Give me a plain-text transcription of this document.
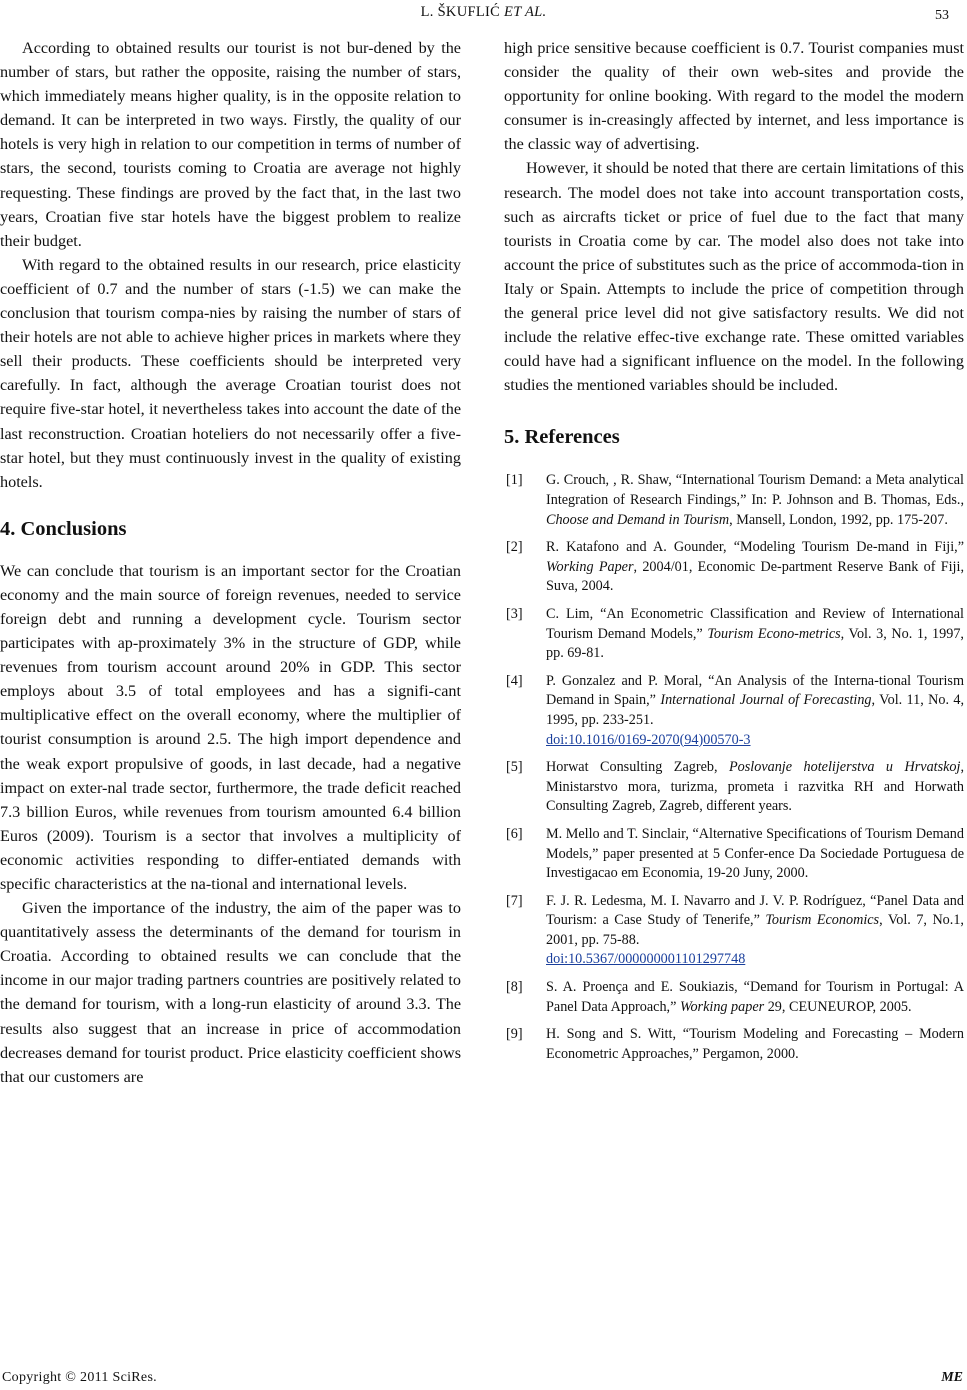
L. ŠKUFLIĆ ET AL.	53

According to obtained results our tourist is not bur-dened by the number of stars, but rather the opposite, raising the number of stars, which immediately means higher quality, is in the opposite relation to demand. It can be interpreted in two ways. Firstly, the quality of our hotels is very high in relation to our competition in terms of number of stars, the second, tourists coming to Croatia are average not highly requesting. These findings are proved by the fact that, in the last two years, Croatian five star hotels have the biggest problem to realize their budget.

With regard to the obtained results in our research, price elasticity coefficient of 0.7 and the number of stars (-1.5) we can make the conclusion that tourism compa-nies by raising the number of stars of their hotels are not able to achieve higher prices in markets where they sell their products. These coefficients should be interpreted very carefully. In fact, although the average Croatian tourist does not require five-star hotel, it nevertheless takes into account the date of the last reconstruction. Croatian hoteliers do not necessarily offer a five-star hotel, but they must continuously invest in the quality of existing hotels.

4. Conclusions

We can conclude that tourism is an important sector for the Croatian economy and the main source of foreign revenues, needed to service foreign debt and running a development cycle. Tourism sector participates with ap-proximately 3% in the structure of GDP, while revenues from tourism account around 20% in GDP. This sector employs about 3.5 of total employees and has a signifi-cant multiplicative effect on the overall economy, where the multiplier of tourist consumption is around 2.5. The high import dependence and the weak export propulsive of goods, in last decade, had a negative impact on exter-nal trade sector, furthermore, the trade deficit reached 7.3 billion Euros, while revenues from tourism amounted 6.4 billion Euros (2009). Tourism is a sector that involves a multiplicity of economic activities responding to differ-entiated demands with specific characteristics at the na-tional and international levels.

Given the importance of the industry, the aim of the paper was to quantitatively assess the determinants of the demand for tourism in Croatia. According to obtained results we can conclude that the income in our major trading partners countries are positively related to the demand for tourism, with a long-run elasticity of around 3.3. The results also suggest that an increase in price of accommodation decreases demand for tourist product. Price elasticity coefficient shows that our customers are

high price sensitive because coefficient is 0.7. Tourist companies must consider the quality of their own web-sites and provide the opportunity for online booking. With regard to the model the modern consumer is in-creasingly affected by internet, and less importance is the classic way of advertising.

However, it should be noted that there are certain limitations of this research. The model does not take into account transportation costs, such as aircrafts ticket or price of fuel due to the fact that many tourists in Croatia come by car. The model also does not take into account the price of substitutes such as the price of accommoda-tion in Italy or Spain. Attempts to include the price of competition through the general price level did not give satisfactory results. We did not include the relative effec-tive exchange rate. These omitted variables could have had a significant influence on the model. In the following studies the mentioned variables should be included.

5. References
[1] G. Crouch, , R. Shaw, “International Tourism Demand: a Meta analytical Integration of Research Findings,” In: P. Johnson and B. Thomas, Eds., Choose and Demand in Tourism, Mansell, London, 1992, pp. 175-207.
[2] R. Katafono and A. Gounder, “Modeling Tourism De-mand in Fiji,” Working Paper, 2004/01, Economic De-partment Reserve Bank of Fiji, Suva, 2004.
[3] C. Lim, “An Econometric Classification and Review of International Tourism Demand Models,” Tourism Econo-metrics, Vol. 3, No. 1, 1997, pp. 69-81.
[4] P. Gonzalez and P. Moral, “An Analysis of the Interna-tional Tourism Demand in Spain,” International Journal of Forecasting, Vol. 11, No. 4, 1995, pp. 233-251.
doi:10.1016/0169-2070(94)00570-3
[5] Horwat Consulting Zagreb, Poslovanje hotelijerstva u Hrvatskoj, Ministarstvo mora, turizma, prometa i razvitka RH and Horwath Consulting Zagreb, Zagreb, different years.
[6] M. Mello and T. Sinclair, “Alternative Specifications of Tourism Demand Models,” paper presented at 5 Confer-ence Da Sociedade Portuguesa de Investigacao em Economia, 19-20 Juny, 2000.
[7] F. J. R. Ledesma, M. I. Navarro and J. V. P. Rodríguez, “Panel Data and Tourism: a Case Study of Tenerife,” Tourism Economics, Vol. 7, No.1, 2001, pp. 75-88.
doi:10.5367/000000001101297748
[8] S. A. Proença and E. Soukiazis, “Demand for Tourism in Portugal: A Panel Data Approach,” Working paper 29, CEUNEUROP, 2005.
[9] H. Song and S. Witt, “Tourism Modeling and Forecasting – Modern Econometric Approaches,” Pergamon, 2000.
Copyright © 2011 SciRes.	ME
